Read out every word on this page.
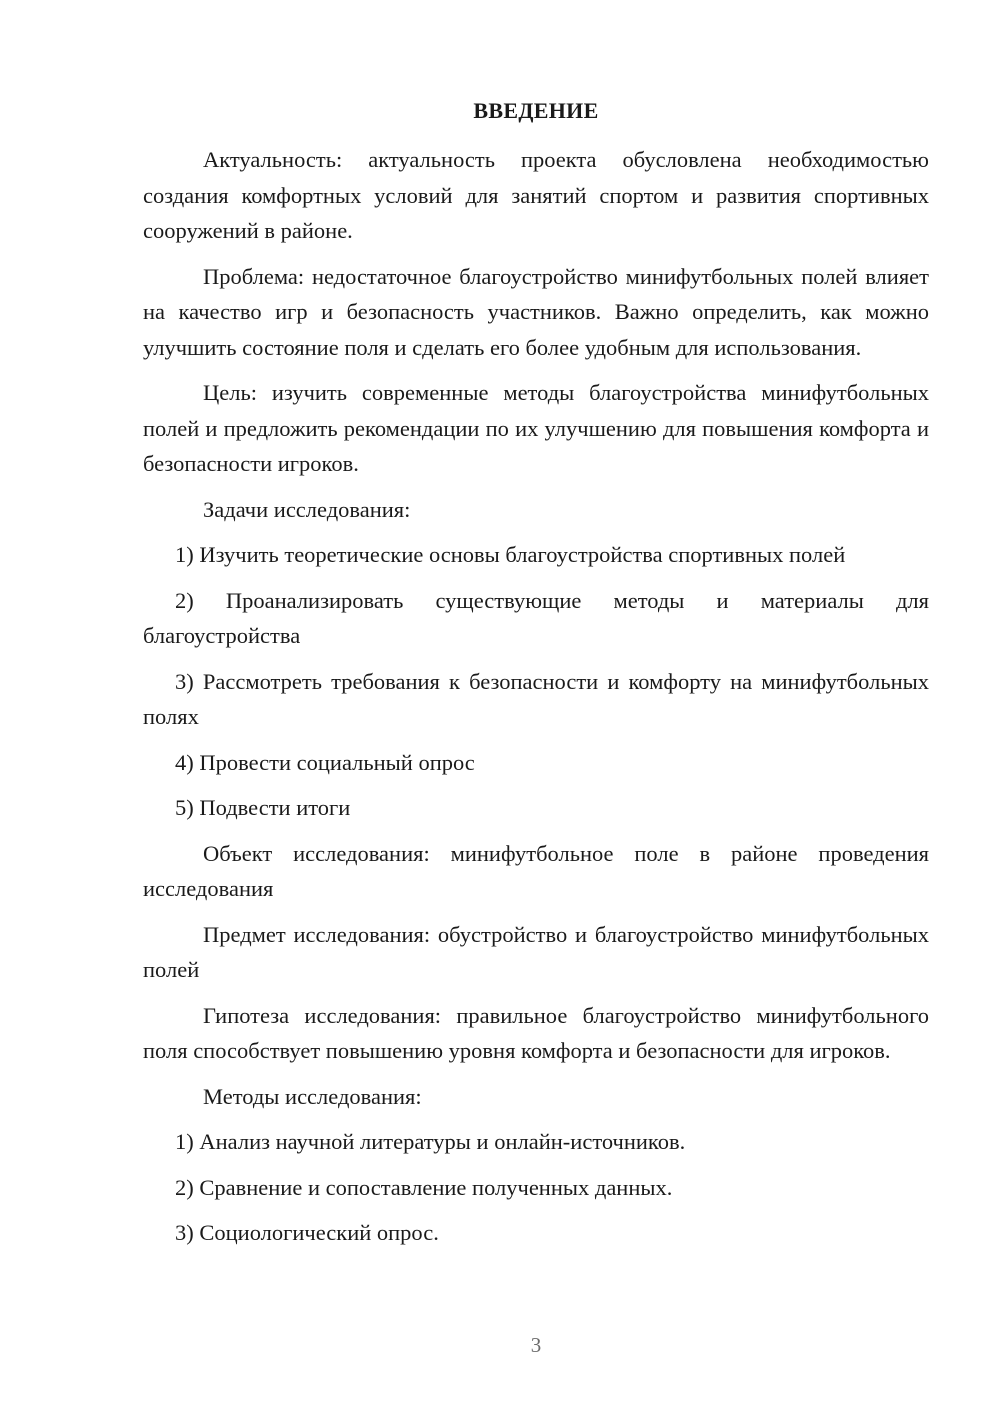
ВВЕДЕНИЕ

Актуальность: актуальность проекта обусловлена необходимостью создания комфортных условий для занятий спортом и развития спортивных сооружений в районе.

Проблема: недостаточное благоустройство минифутбольных полей влияет на качество игр и безопасность участников. Важно определить, как можно улучшить состояние поля и сделать его более удобным для использования.

Цель: изучить современные методы благоустройства минифутбольных полей и предложить рекомендации по их улучшению для повышения комфорта и безопасности игроков.

Задачи исследования:

1) Изучить теоретические основы благоустройства спортивных полей

2) Проанализировать существующие методы и материалы для благоустройства

3) Рассмотреть требования к безопасности и комфорту на минифутбольных полях

4) Провести социальный опрос

5) Подвести итоги

Объект исследования: минифутбольное поле в районе проведения исследования

Предмет исследования: обустройство и благоустройство минифутбольных полей

Гипотеза исследования: правильное благоустройство минифутбольного поля способствует повышению уровня комфорта и безопасности для игроков.

Методы исследования:

1) Анализ научной литературы и онлайн-источников.

2) Сравнение и сопоставление полученных данных.

3) Социологический опрос.

3
